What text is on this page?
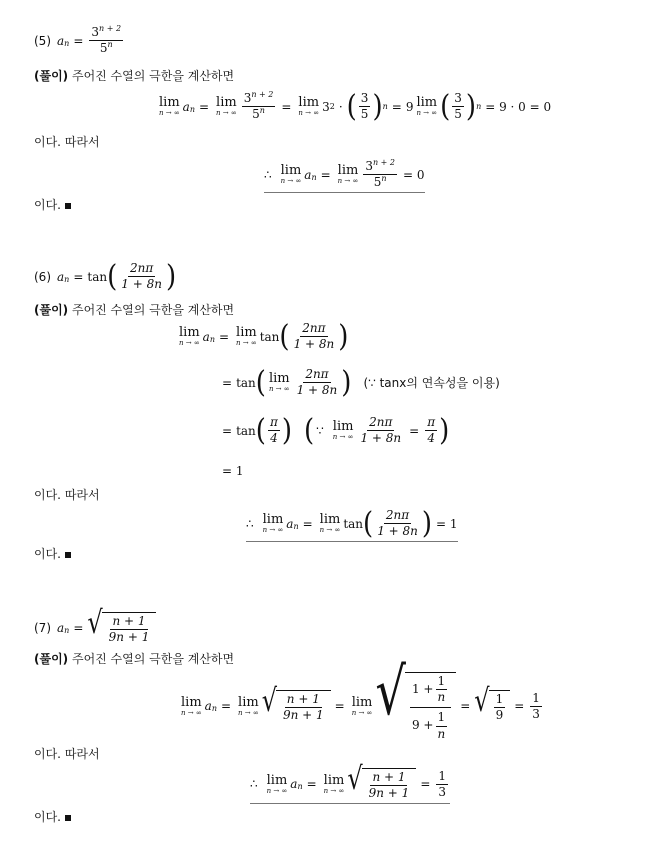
(5) a $n = \frac{3^{n + 2}}{5^n}$
(풀이) 주어진 수열의 극한을 계산하면
lim
n → ∞ a n = lim
n → ∞ $\frac{3^{n + 2}}{5^n} = \lim$
n → ∞ 3 2 · ( $\frac{3}{5}$ ) n = 9 lim
n → ∞ ( $\frac{3}{5}$ ) n = 9 · 0 = 0
이다. 따라서
∴ lim
n → ∞ a n = lim
n → ∞ $\frac{3^{n + 2}}{5^n} = 0$
이다.
(6) a n = tan ( $\frac{2n\pi}{1 + 8n}$ )
(풀이) 주어진 수열의 극한을 계산하면
lim
n → ∞ a n = lim
n → ∞ tan ( $\frac{2n\pi}{1 + 8n}$ )
= tan ( lim
n → ∞ $\frac{2n\pi}{1 + 8n}$ ) (∵ tanx의 연속성을 이용)
= tan ( $\frac{\pi}{4}$ ) ( ∵ lim
n → ∞ $\frac{2n\pi}{1 + 8n} = \frac{\pi}{4}$ )
= 1
이다. 따라서
∴ lim
n → ∞ a n = lim
n → ∞ tan ( $\frac{2n\pi}{1 + 8n}$ ) = 1
이다.
(7) a n = √ $\frac{n + 1}{9n + 1}$
(풀이) 주어진 수열의 극한을 계산하면
lim
n → ∞ a n = lim
n → ∞ √ $\frac{n + 1}{9n + 1} = \lim$
n → ∞ √ $\frac{1 + \frac{1}{n}}{9 + \frac{1}{n}}$ = √ $\frac{1}{9} = \frac{1}{3}$
이다. 따라서
∴ lim
n → ∞ a n = lim
n → ∞ √ $\frac{n + 1}{9n + 1} = \frac{1}{3}$
이다.
